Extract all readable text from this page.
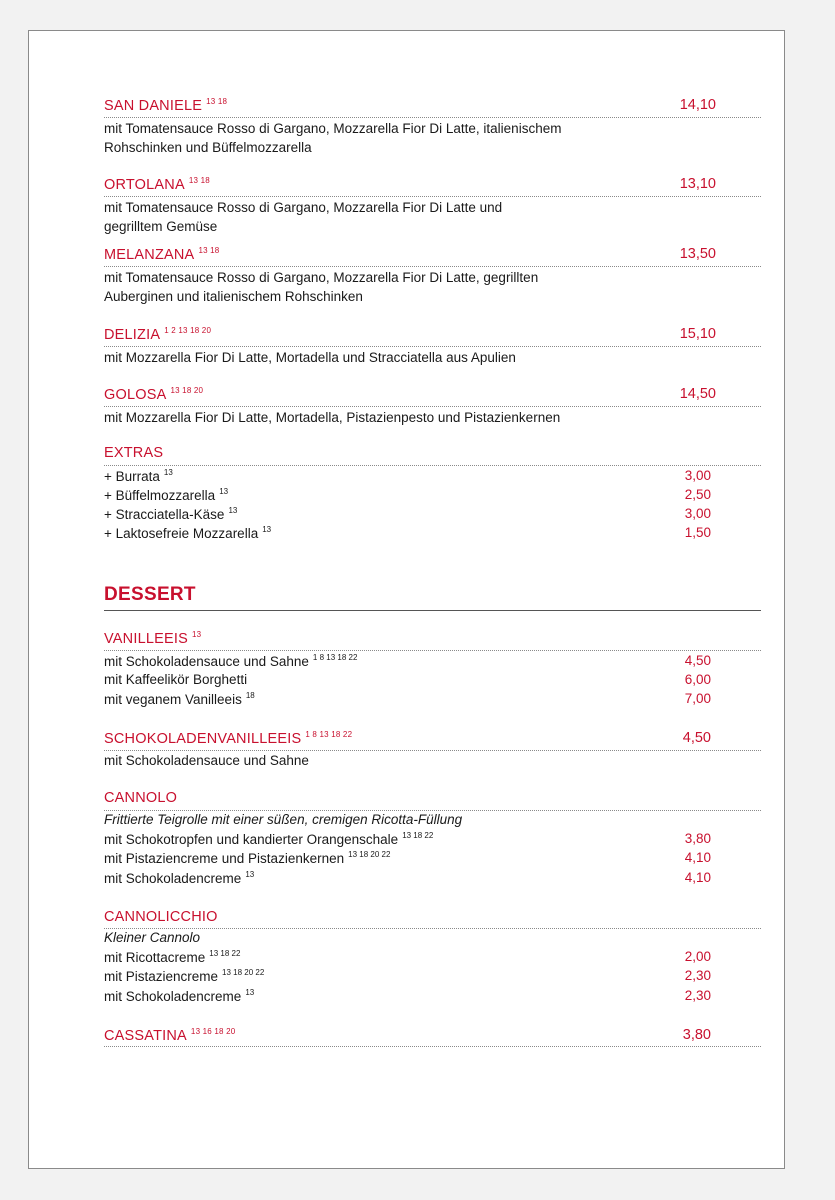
SAN DANIELE $^{13 18}$	14,10
mit Tomatensauce Rosso di Gargano, Mozzarella Fior Di Latte, italienischem
Rohschinken und Büffelmozzarella
ORTOLANA $^{13 18}$	13,10
mit Tomatensauce Rosso di Gargano, Mozzarella Fior Di Latte und
gegrilltem Gemüse
MELANZANA $^{13 18}$	13,50
mit Tomatensauce Rosso di Gargano, Mozzarella Fior Di Latte, gegrillten
Auberginen und italienischem Rohschinken
DELIZIA $^{1 2 13 18 20}$	15,10
mit Mozzarella Fior Di Latte, Mortadella und Stracciatella aus Apulien
GOLOSA $^{13 18 20}$	14,50
mit Mozzarella Fior Di Latte, Mortadella, Pistazienpesto und Pistazienkernen
EXTRAS
+ Burrata $^{13}$	3,00
+ Büffelmozzarella $^{13}$	2,50
+ Stracciatella-Käse $^{13}$	3,00
+ Laktosefreie Mozzarella $^{13}$	1,50
DESSERT
VANILLEEIS $^{13}$
mit Schokoladensauce und Sahne $^{1 8 13 18 22}$	4,50
mit Kaffeelikör Borghetti	6,00
mit veganem Vanilleeis $^{18}$	7,00
SCHOKOLADENVANILLEEIS $^{1 8 13 18 22}$	4,50
mit Schokoladensauce und Sahne
CANNOLO
Frittierte Teigrolle mit einer süßen, cremigen Ricotta-Füllung
mit Schokotropfen und kandierter Orangenschale $^{13 18 22}$	3,80
mit Pistaziencreme und Pistazienkernen $^{13 18 20 22}$	4,10
mit Schokoladencreme $^{13}$	4,10
CANNOLICCHIO
Kleiner Cannolo
mit Ricottacreme $^{13 18 22}$	2,00
mit Pistaziencreme $^{13 18 20 22}$	2,30
mit Schokoladencreme $^{13}$	2,30
CASSATINA $^{13 16 18 20}$	3,80
